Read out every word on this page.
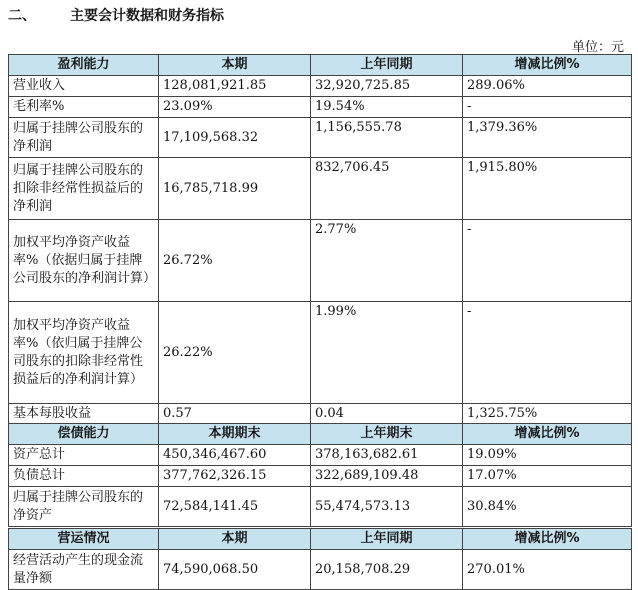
二、 主要会计数据和财务指标
单位：元
盈利能力	本期	上年同期	增减比例%
营业收入	128,081,921.85	32,920,725.85	289.06%
毛利率%	23.09%	19.54%	-
归属于挂牌公司股东的净利润	17,109,568.32	1,156,555.78	1,379.36%
归属于挂牌公司股东的扣除非经常性损益后的净利润	16,785,718.99	832,706.45	1,915.80%
加权平均净资产收益率%（依据归属于挂牌公司股东的净利润计算）	26.72%	2.77%	-
加权平均净资产收益率%（依归属于挂牌公司股东的扣除非经常性损益后的净利润计算）	26.22%	1.99%	-
基本每股收益	0.57	0.04	1,325.75%
偿债能力	本期期末	上年期末	增减比例%
资产总计	450,346,467.60	378,163,682.61	19.09%
负债总计	377,762,326.15	322,689,109.48	17.07%
归属于挂牌公司股东的净资产	72,584,141.45	55,474,573.13	30.84%
营运情况	本期	上年同期	增减比例%
经营活动产生的现金流量净额	74,590,068.50	20,158,708.29	270.01%
